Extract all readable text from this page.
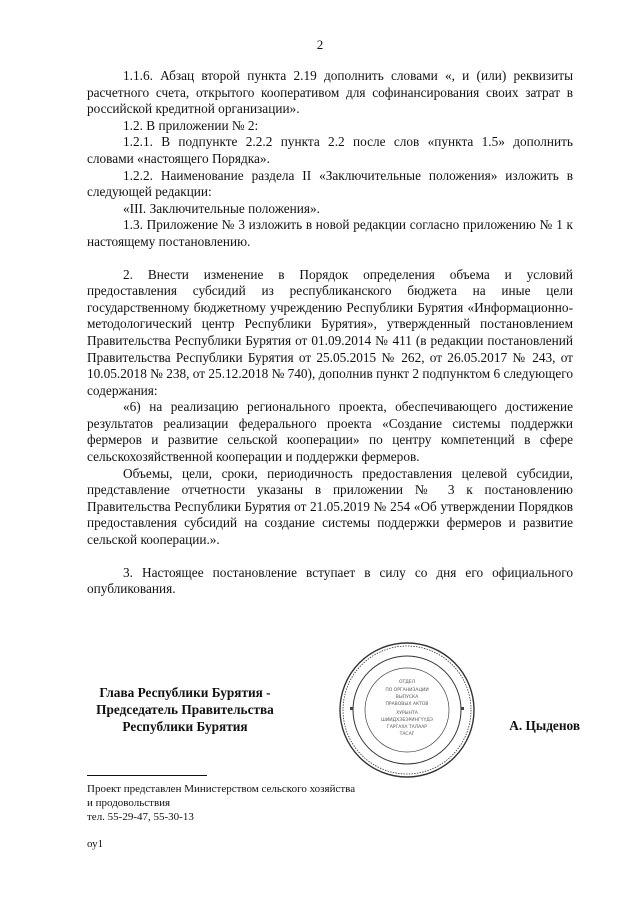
2

1.1.6. Абзац второй пункта 2.19 дополнить словами «, и (или) реквизиты расчетного счета, открытого кооперативом для софинансирования своих затрат в российской кредитной организации».

1.2. В приложении № 2:

1.2.1. В подпункте 2.2.2 пункта 2.2 после слов «пункта 1.5» дополнить словами «настоящего Порядка».

1.2.2. Наименование раздела II «Заключительные положения» изложить в следующей редакции:

«III. Заключительные положения».

1.3. Приложение № 3 изложить в новой редакции согласно приложению № 1 к настоящему постановлению.

2. Внести изменение в Порядок определения объема и условий предоставления субсидий из республиканского бюджета на иные цели государственному бюджетному учреждению Республики Бурятия «Информационно-методологический центр Республики Бурятия», утвержденный постановлением Правительства Республики Бурятия от 01.09.2014 № 411 (в редакции постановлений Правительства Республики Бурятия от 25.05.2015 № 262, от 26.05.2017 № 243, от 10.05.2018 № 238, от 25.12.2018 № 740), дополнив пункт 2 подпунктом 6 следующего содержания:

«6) на реализацию регионального проекта, обеспечивающего достижение результатов реализации федерального проекта «Создание системы поддержки фермеров и развитие сельской кооперации» по центру компетенций в сфере сельскохозяйственной кооперации и поддержки фермеров.

Объемы, цели, сроки, периодичность предоставления целевой субсидии, представление отчетности указаны в приложении № 3 к постановлению Правительства Республики Бурятия от 21.05.2019 № 254 «Об утверждении Порядков предоставления субсидий на создание системы поддержки фермеров и развитие сельской кооперации.».

3. Настоящее постановление вступает в силу со дня его официального опубликования.

Глава Республики Бурятия -
Председатель Правительства
Республики Бурятия
ОТДЕЛ
ПО ОРГАНИЗАЦИИ
ВЫПУСКА
ПРАВОВЫХ АКТОВ
ХУРЫНТА
ШИИДХЭБЭРИНГҮҮДЭ
ГАРГАХА ТАЛААР
ТАСАГ
А. Цыденов
Проект представлен Министерством сельского хозяйства
и продовольствия
тел. 55-29-47, 55-30-13
оу1
